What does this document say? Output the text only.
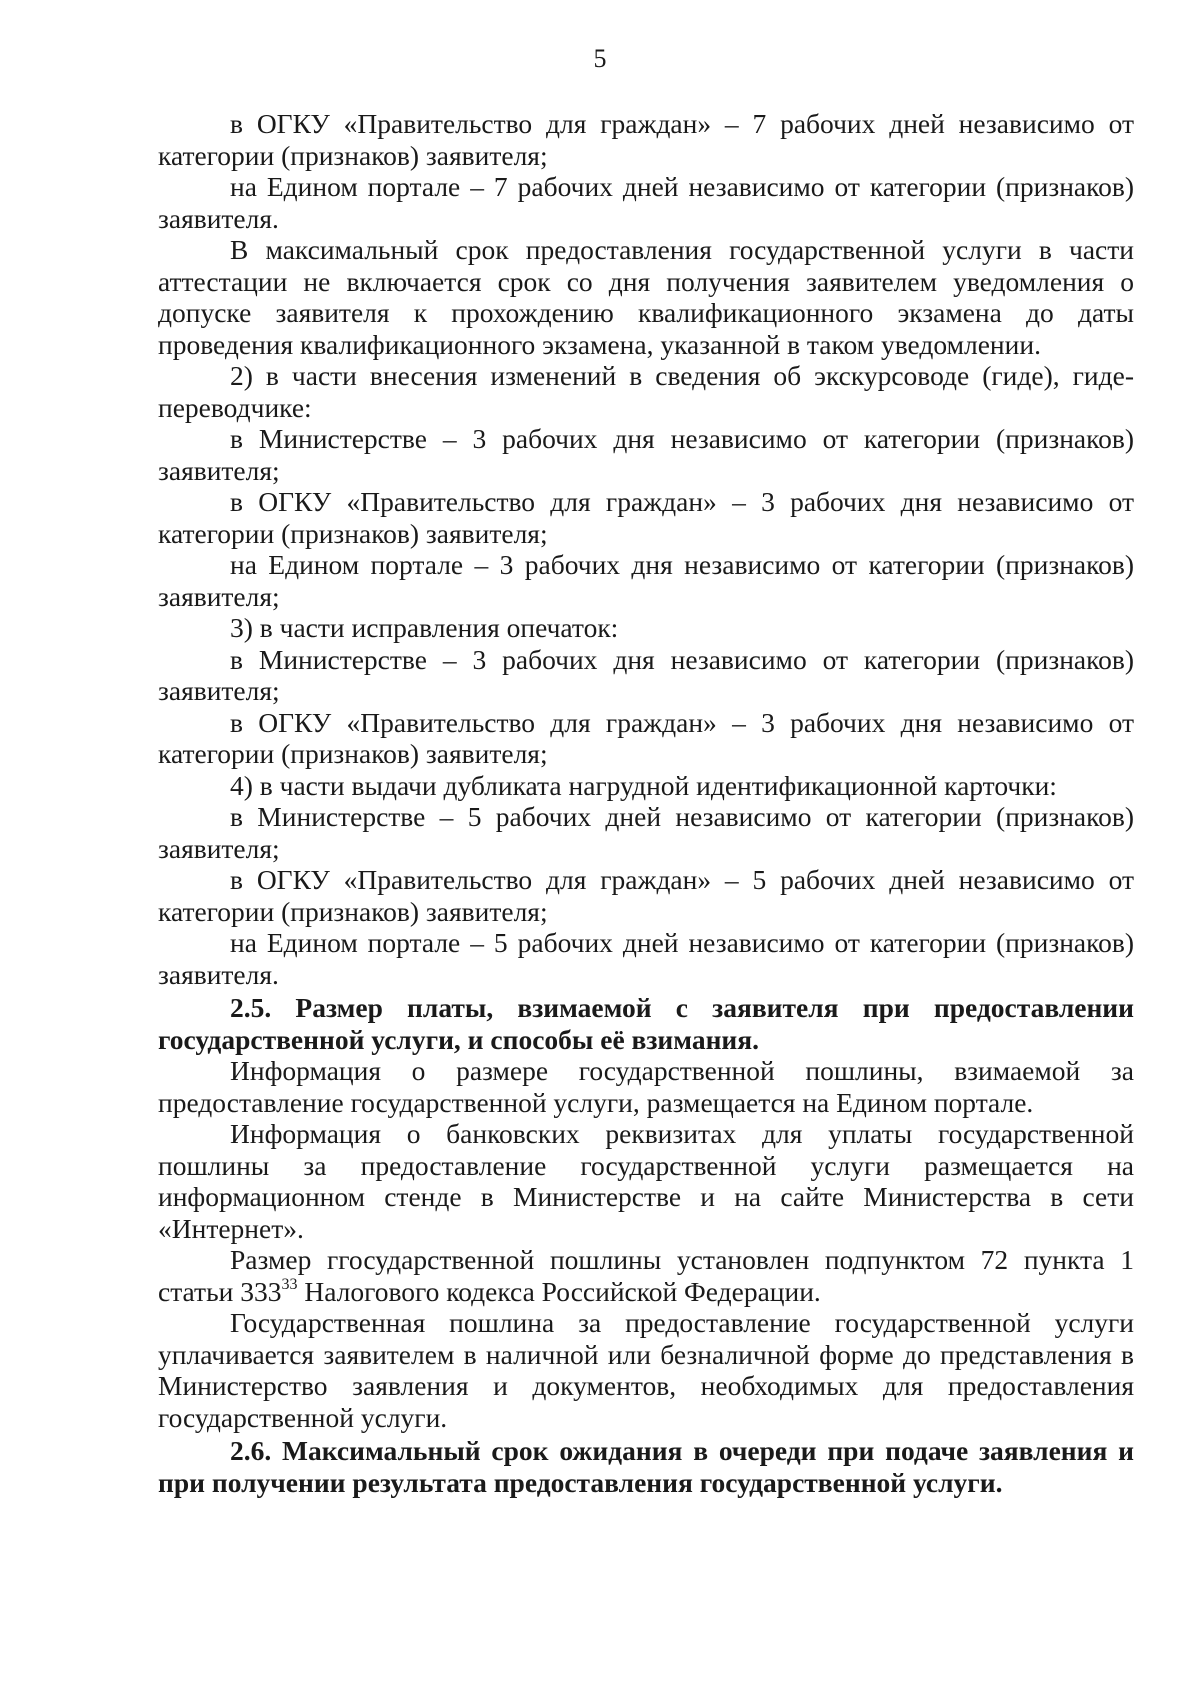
5

в ОГКУ «Правительство для граждан» – 7 рабочих дней независимо от категории (признаков) заявителя;

на Едином портале – 7 рабочих дней независимо от категории (признаков) заявителя.

В максимальный срок предоставления государственной услуги в части аттестации не включается срок со дня получения заявителем уведомления о допуске заявителя к прохождению квалификационного экзамена до даты проведения квалификационного экзамена, указанной в таком уведомлении.

2) в части внесения изменений в сведения об экскурсоводе (гиде), гиде-переводчике:

в Министерстве – 3 рабочих дня независимо от категории (признаков) заявителя;

в ОГКУ «Правительство для граждан» – 3 рабочих дня независимо от категории (признаков) заявителя;

на Едином портале – 3 рабочих дня независимо от категории (признаков) заявителя;

3) в части исправления опечаток:

в Министерстве – 3 рабочих дня независимо от категории (признаков) заявителя;

в ОГКУ «Правительство для граждан» – 3 рабочих дня независимо от категории (признаков) заявителя;

4) в части выдачи дубликата нагрудной идентификационной карточки:

в Министерстве – 5 рабочих дней независимо от категории (признаков) заявителя;

в ОГКУ «Правительство для граждан» – 5 рабочих дней независимо от категории (признаков) заявителя;

на Едином портале – 5 рабочих дней независимо от категории (признаков) заявителя.

2.5. Размер платы, взимаемой с заявителя при предоставлении государственной услуги, и способы её взимания.

Информация о размере государственной пошлины, взимаемой за предоставление государственной услуги, размещается на Едином портале.

Информация о банковских реквизитах для уплаты государственной пошлины за предоставление государственной услуги размещается на информационном стенде в Министерстве и на сайте Министерства в сети «Интернет».

Размер ггосударственной пошлины установлен подпунктом 72 пункта 1 статьи $333^{33}$ Налогового кодекса Российской Федерации.

Государственная пошлина за предоставление государственной услуги уплачивается заявителем в наличной или безналичной форме до представления в Министерство заявления и документов, необходимых для предоставления государственной услуги.

2.6. Максимальный срок ожидания в очереди при подаче заявления и при получении результата предоставления государственной услуги.
